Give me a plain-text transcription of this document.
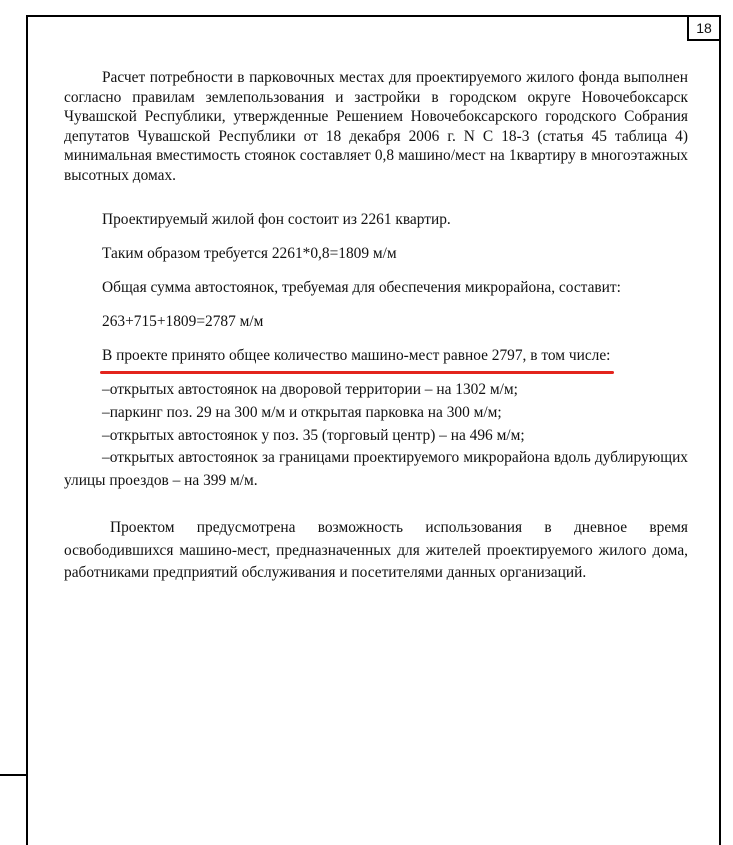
18

Расчет потребности в парковочных местах для проектируемого жилого фонда выполнен согласно правилам землепользования и застройки в городском округе Новочебоксарск Чувашской Республики, утвержденные Решением Новочебоксарского городского Собрания депутатов Чувашской Республики от 18 декабря 2006 г. N С 18-3 (статья 45 таблица 4) минимальная вместимость стоянок составляет 0,8 машино/мест на 1квартиру в многоэтажных высотных домах.

Проектируемый жилой фон состоит из 2261 квартир.

Таким образом требуется 2261*0,8=1809 м/м

Общая сумма автостоянок, требуемая для обеспечения микрорайона, составит:

263+715+1809=2787 м/м

В проекте принято общее количество машино-мест равное 2797, в том числе:

–открытых автостоянок на дворовой территории – на 1302 м/м;

–паркинг поз. 29 на 300 м/м и открытая парковка на 300 м/м;

–открытых автостоянок у поз. 35 (торговый центр) – на 496 м/м;

–открытых автостоянок за границами проектируемого микрорайона вдоль дублирующих улицы проездов – на 399 м/м.

Проектом предусмотрена возможность использования в дневное время освободившихся машино-мест, предназначенных для жителей проектируемого жилого дома, работниками предприятий обслуживания и посетителями данных организаций.
